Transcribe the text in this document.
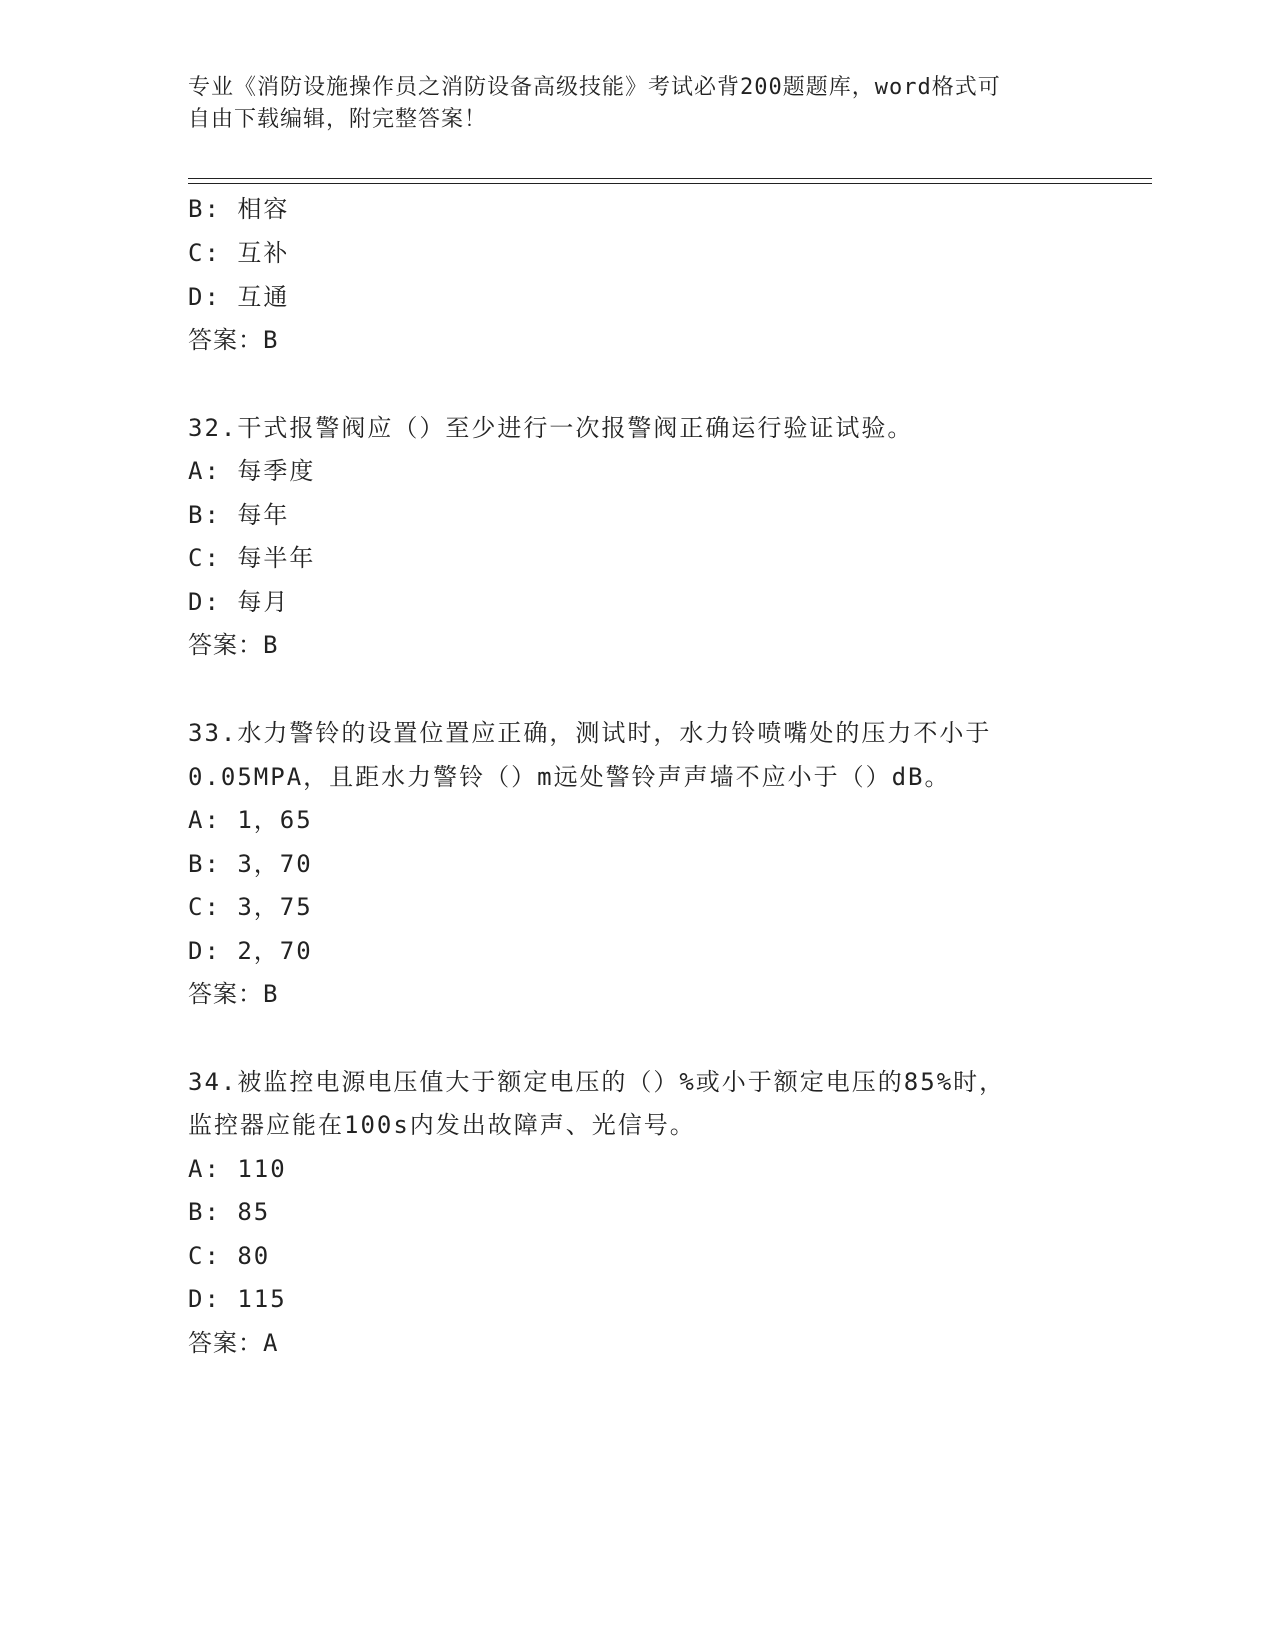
专业《消防设施操作员之消防设备高级技能》考试必背200题题库，word格式可
自由下载编辑，附完整答案！
B: 相容
C: 互补
D: 互通
答案：B
32.干式报警阀应（）至少进行一次报警阀正确运行验证试验。
A: 每季度
B: 每年
C: 每半年
D: 每月
答案：B
33.水力警铃的设置位置应正确，测试时，水力铃喷嘴处的压力不小于
0.05MPA，且距水力警铃（）m远处警铃声声墙不应小于（）dB。
A: 1，65
B: 3，70
C: 3，75
D: 2，70
答案：B
34.被监控电源电压值大于额定电压的（）%或小于额定电压的85%时，
监控器应能在100s内发出故障声、光信号。
A: 110
B: 85
C: 80
D: 115
答案：A
